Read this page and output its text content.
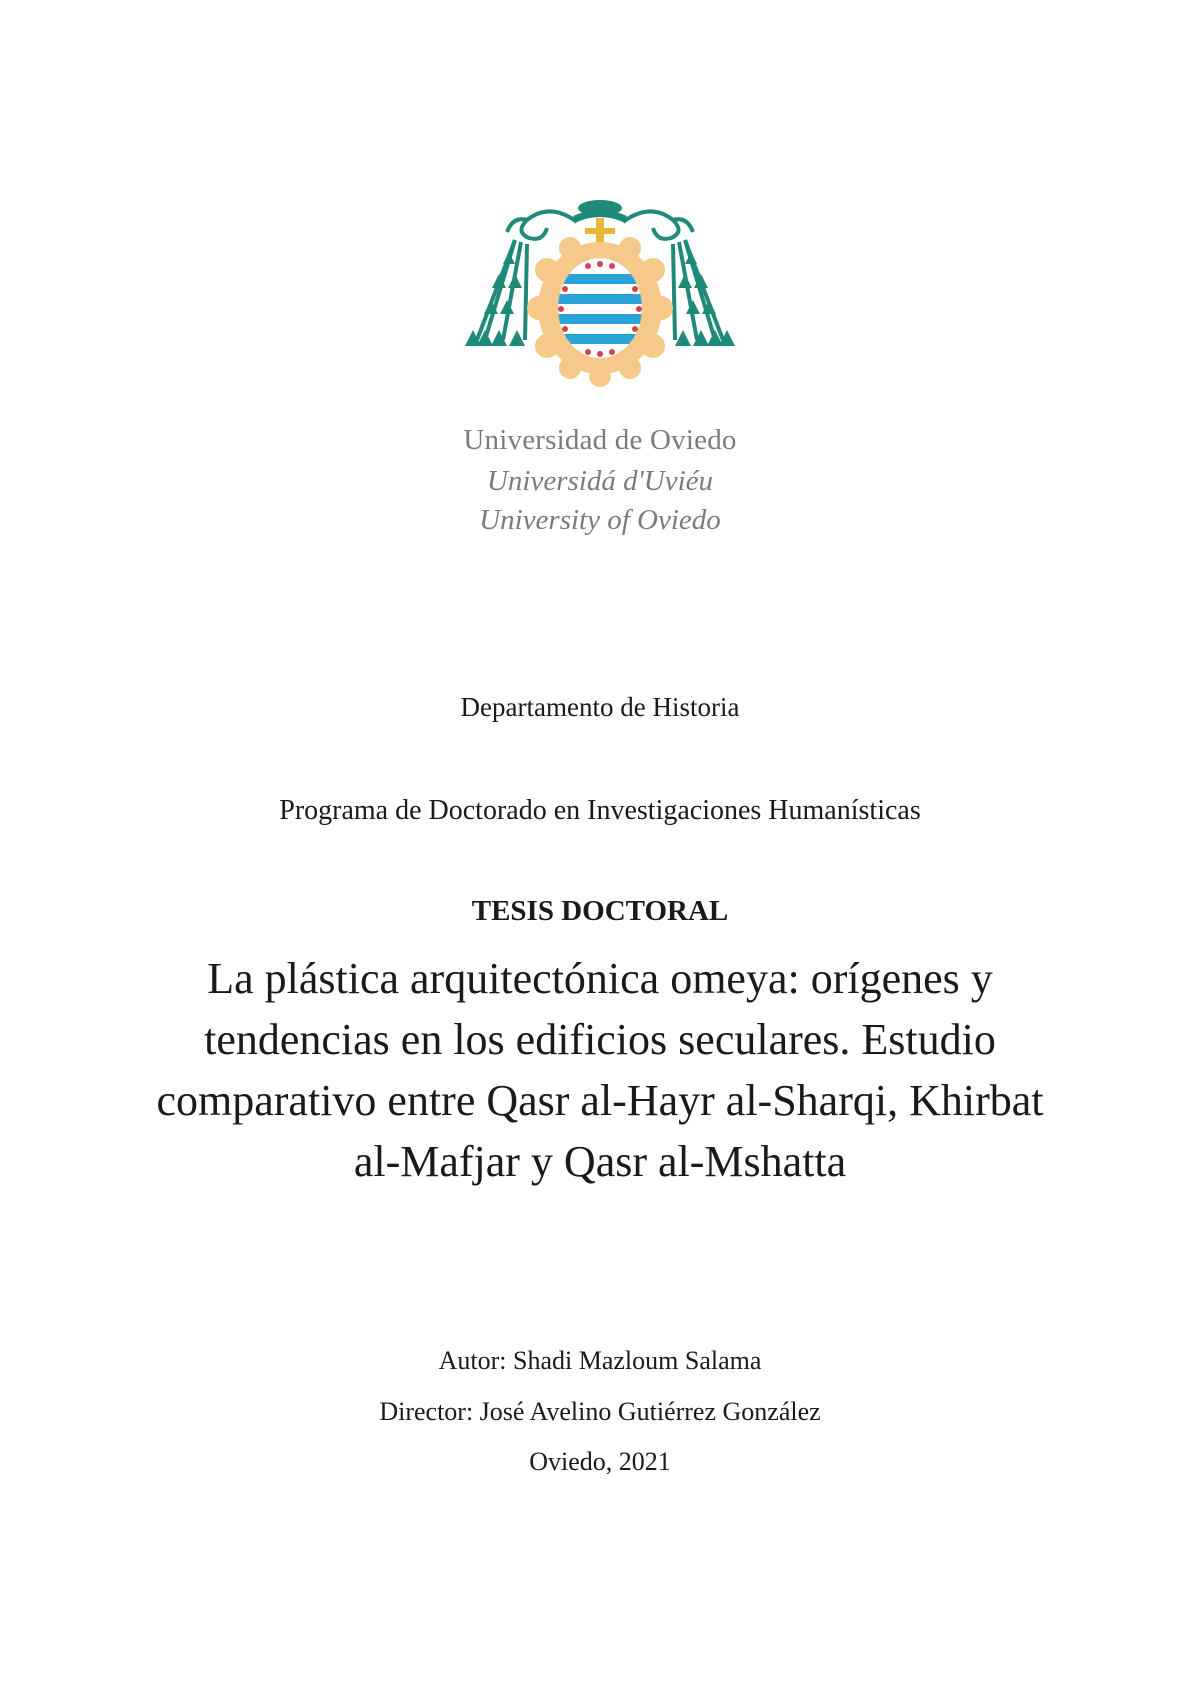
Universidad de Oviedo
Universidá d'Uviéu
University of Oviedo
Departamento de Historia
Programa de Doctorado en Investigaciones Humanísticas
TESIS DOCTORAL
La plástica arquitectónica omeya: orígenes y tendencias en los edificios seculares. Estudio comparativo entre Qasr al-Hayr al-Sharqi, Khirbat al-Mafjar y Qasr al-Mshatta
Autor: Shadi Mazloum Salama
Director: José Avelino Gutiérrez González
Oviedo, 2021
